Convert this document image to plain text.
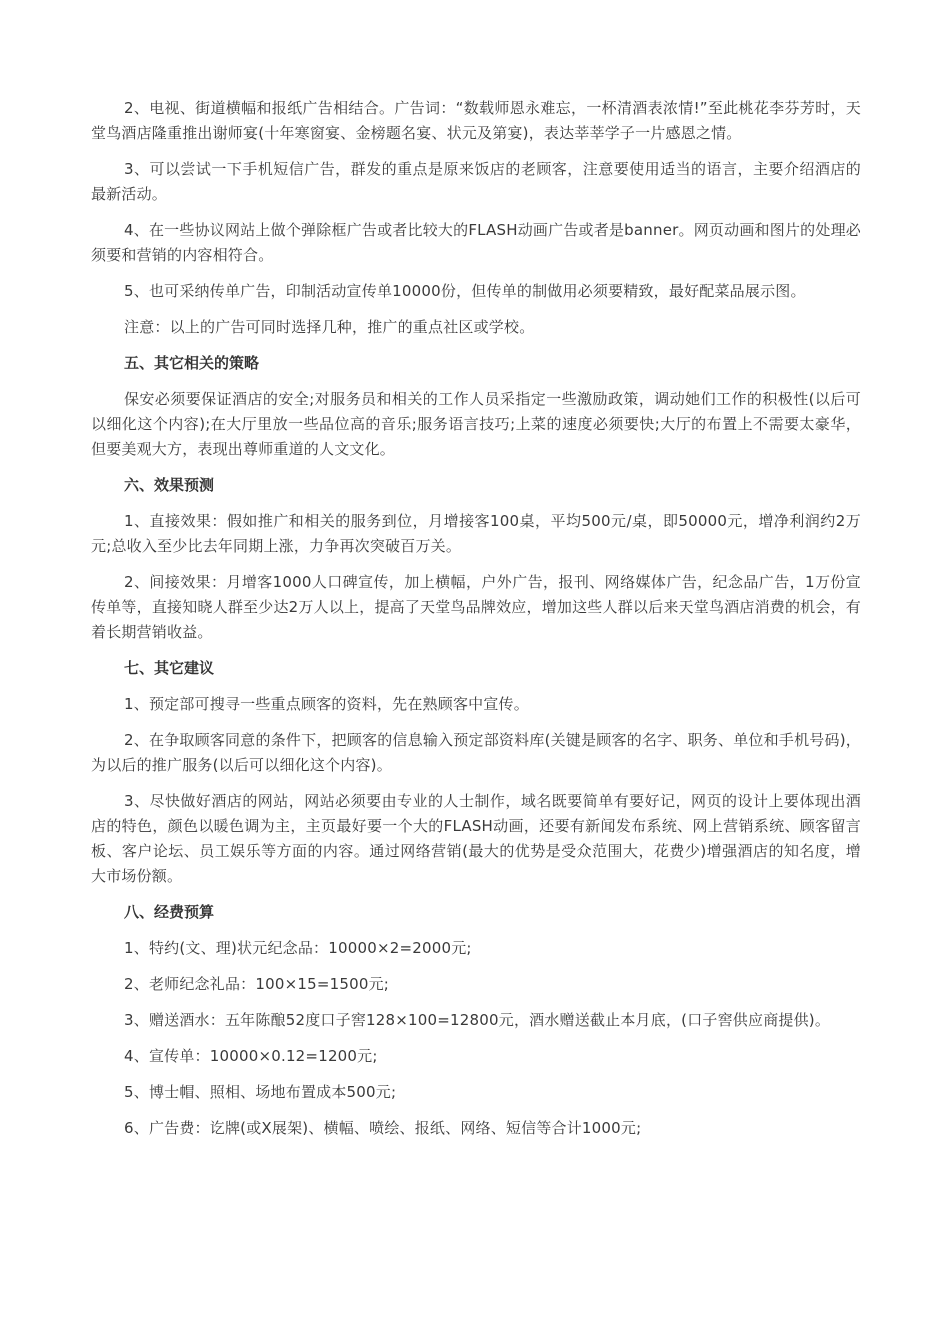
2、电视、街道横幅和报纸广告相结合。广告词：“数载师恩永难忘，一杯清酒表浓情!”至此桃花李芬芳时，天堂鸟酒店隆重推出谢师宴(十年寒窗宴、金榜题名宴、状元及第宴)，表达莘莘学子一片感恩之情。

3、可以尝试一下手机短信广告，群发的重点是原来饭店的老顾客，注意要使用适当的语言，主要介绍酒店的最新活动。

4、在一些协议网站上做个弹除框广告或者比较大的FLASH动画广告或者是banner。网页动画和图片的处理必须要和营销的内容相符合。

5、也可采纳传单广告，印制活动宣传单10000份，但传单的制做用必须要精致，最好配菜品展示图。

注意：以上的广告可同时选择几种，推广的重点社区或学校。

五、其它相关的策略

保安必须要保证酒店的安全;对服务员和相关的工作人员采指定一些激励政策，调动她们工作的积极性(以后可以细化这个内容);在大厅里放一些品位高的音乐;服务语言技巧;上菜的速度必须要快;大厅的布置上不需要太豪华，但要美观大方，表现出尊师重道的人文文化。

六、效果预测

1、直接效果：假如推广和相关的服务到位，月增接客100桌，平均500元/桌，即50000元，增净利润约2万元;总收入至少比去年同期上涨，力争再次突破百万关。

2、间接效果：月增客1000人口碑宣传，加上横幅，户外广告，报刊、网络媒体广告，纪念品广告，1万份宣传单等，直接知晓人群至少达2万人以上，提高了天堂鸟品牌效应，增加这些人群以后来天堂鸟酒店消费的机会，有着长期营销收益。

七、其它建议

1、预定部可搜寻一些重点顾客的资料，先在熟顾客中宣传。

2、在争取顾客同意的条件下，把顾客的信息输入预定部资料库(关键是顾客的名字、职务、单位和手机号码)，为以后的推广服务(以后可以细化这个内容)。

3、尽快做好酒店的网站，网站必须要由专业的人士制作，域名既要简单有要好记，网页的设计上要体现出酒店的特色，颜色以暖色调为主，主页最好要一个大的FLASH动画，还要有新闻发布系统、网上营销系统、顾客留言板、客户论坛、员工娱乐等方面的内容。通过网络营销(最大的优势是受众范围大，花费少)增强酒店的知名度，增大市场份额。

八、经费预算

1、特约(文、理)状元纪念品：10000×2=2000元;

2、老师纪念礼品：100×15=1500元;

3、赠送酒水：五年陈酿52度口子窖128×100=12800元，酒水赠送截止本月底，(口子窖供应商提供)。

4、宣传单：10000×0.12=1200元;

5、博士帽、照相、场地布置成本500元;

6、广告费：讫牌(或X展架)、横幅、喷绘、报纸、网络、短信等合计1000元;
